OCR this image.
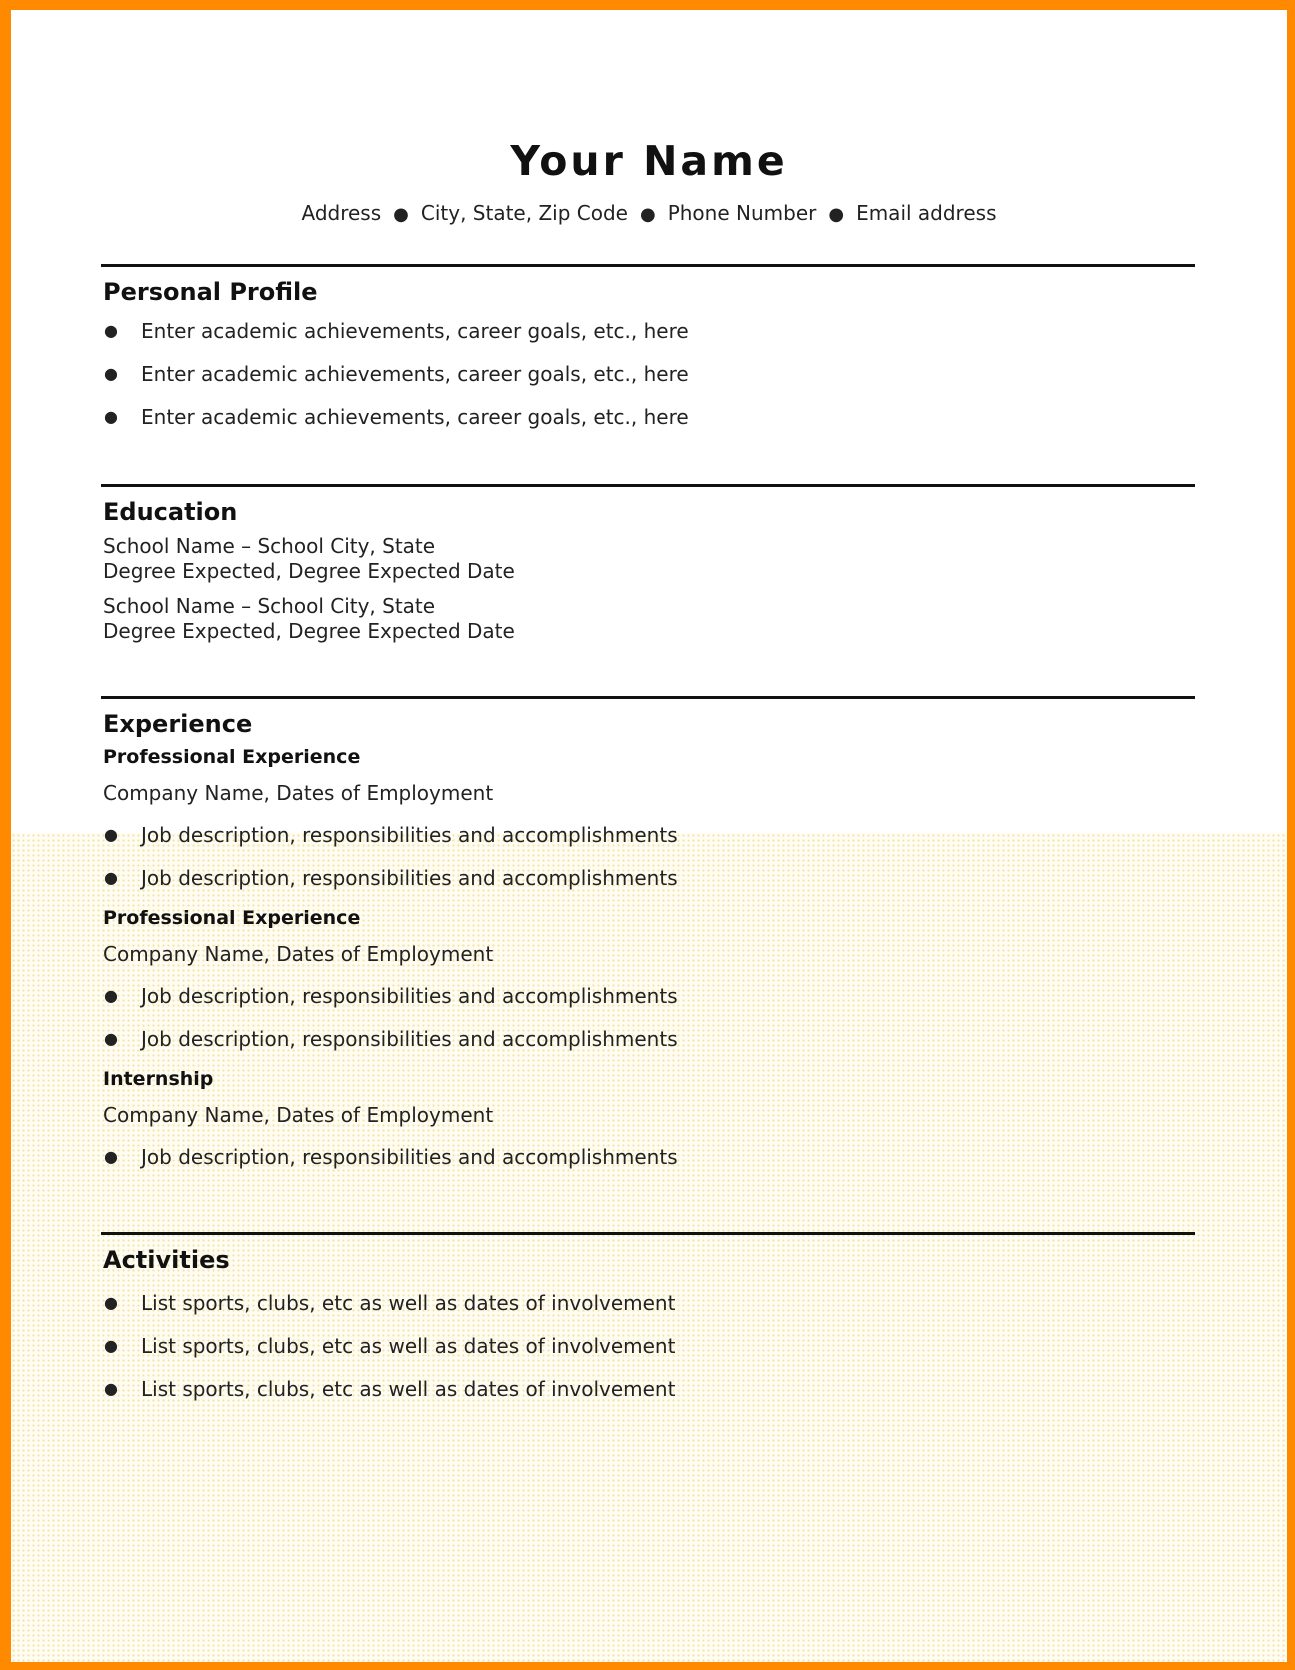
Your Name
Address ● City, State, Zip Code ● Phone Number ● Email address
Personal Profile
● Enter academic achievements, career goals, etc., here
● Enter academic achievements, career goals, etc., here
● Enter academic achievements, career goals, etc., here
Education
School Name – School City, State
Degree Expected, Degree Expected Date
School Name – School City, State
Degree Expected, Degree Expected Date
Experience
Professional Experience
Company Name, Dates of Employment
● Job description, responsibilities and accomplishments
● Job description, responsibilities and accomplishments
Professional Experience
Company Name, Dates of Employment
● Job description, responsibilities and accomplishments
● Job description, responsibilities and accomplishments
Internship
Company Name, Dates of Employment
● Job description, responsibilities and accomplishments
Activities
● List sports, clubs, etc as well as dates of involvement
● List sports, clubs, etc as well as dates of involvement
● List sports, clubs, etc as well as dates of involvement
